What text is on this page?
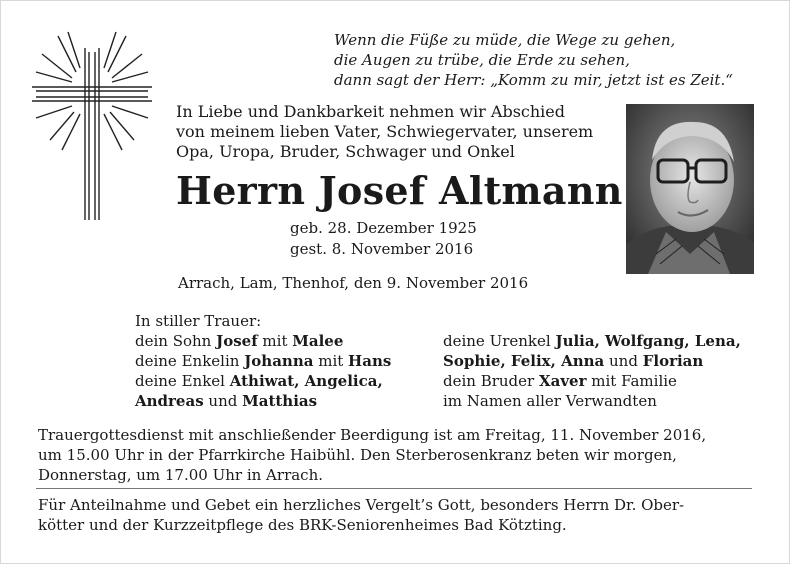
Wenn die Füße zu müde, die Wege zu gehen,
die Augen zu trübe, die Erde zu sehen,
dann sagt der Herr: „Komm zu mir, jetzt ist es Zeit.“
In Liebe und Dankbarkeit nehmen wir Abschied
von meinem lieben Vater, Schwiegervater, unserem
Opa, Uropa, Bruder, Schwager und Onkel
Herrn Josef Altmann
geb. 28. Dezember 1925
gest. 8. November 2016
Arrach, Lam, Thenhof, den 9. November 2016
In stiller Trauer:
dein Sohn Josef mit Malee
deine Enkelin Johanna mit Hans
deine Enkel Athiwat, Angelica,
Andreas und Matthias
deine Urenkel Julia, Wolfgang, Lena,
Sophie, Felix, Anna und Florian
dein Bruder Xaver mit Familie
im Namen aller Verwandten
Trauergottesdienst mit anschließender Beerdigung ist am Freitag, 11. November 2016,
um 15.00 Uhr in der Pfarrkirche Haibühl. Den Sterberosenkranz beten wir morgen,
Donnerstag, um 17.00 Uhr in Arrach.
Für Anteilnahme und Gebet ein herzliches Vergelt’s Gott, besonders Herrn Dr. Ober-
kötter und der Kurzzeitpflege des BRK-Seniorenheimes Bad Kötzting.
